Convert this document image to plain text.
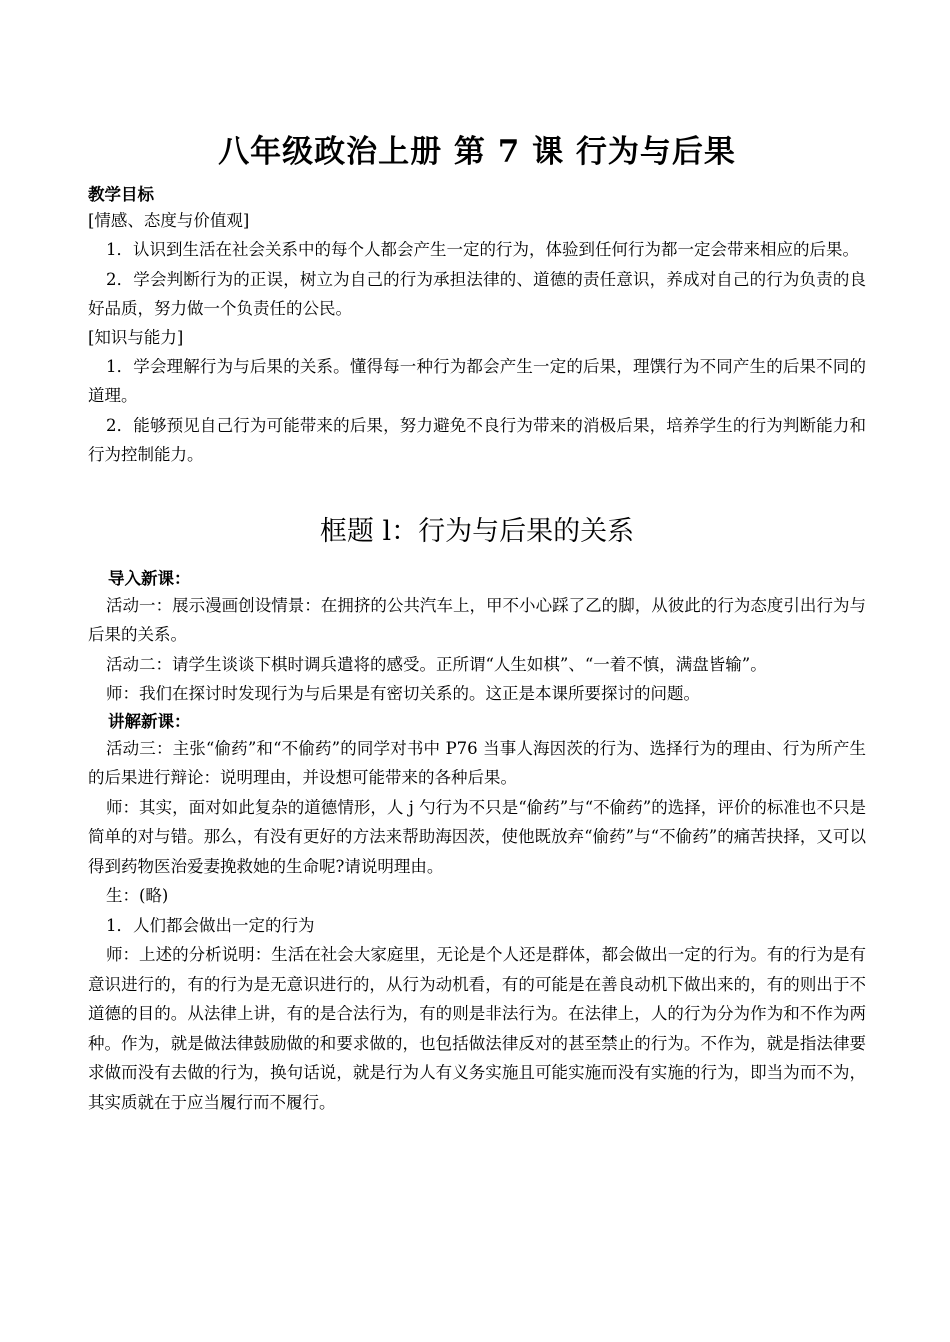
八年级政治上册 第 7 课 行为与后果
教学目标
[情感、态度与价值观]

1．认识到生活在社会关系中的每个人都会产生一定的行为，体验到任何行为都一定会带来相应的后果。

2．学会判断行为的正误，树立为自己的行为承担法律的、道德的责任意识，养成对自己的行为负责的良好品质，努力做一个负责任的公民。

[知识与能力]

1．学会理解行为与后果的关系。懂得每一种行为都会产生一定的后果，理馔行为不同产生的后果不同的道理。

2．能够预见自己行为可能带来的后果，努力避免不良行为带来的消极后果，培养学生的行为判断能力和行为控制能力。

框题 l：行为与后果的关系
导入新课：

活动一：展示漫画创设情景：在拥挤的公共汽车上，甲不小心踩了乙的脚，从彼此的行为态度引出行为与后果的关系。

活动二：请学生谈谈下棋时调兵遣将的感受。正所谓“人生如棋”、“一着不慎，满盘皆输”。

师：我们在探讨时发现行为与后果是有密切关系的。这正是本课所要探讨的问题。

讲解新课：

活动三：主张“偷药”和“不偷药”的同学对书中 P76 当事人海因茨的行为、选择行为的理由、行为所产生的后果进行辩论：说明理由，并设想可能带来的各种后果。

师：其实，面对如此复杂的道德情形，人 j 勺行为不只是“偷药”与“不偷药”的选择，评价的标准也不只是简单的对与错。那么，有没有更好的方法来帮助海因茨，使他既放弃“偷药”与“不偷药”的痛苦抉择，又可以得到药物医治爱妻挽救她的生命呢?请说明理由。

生：(略)

1．人们都会做出一定的行为

师：上述的分析说明：生活在社会大家庭里，无论是个人还是群体，都会做出一定的行为。有的行为是有意识进行的，有的行为是无意识进行的，从行为动机看，有的可能是在善良动机下做出来的，有的则出于不道德的目的。从法律上讲，有的是合法行为，有的则是非法行为。在法律上，人的行为分为作为和不作为两种。作为，就是做法律鼓励做的和要求做的，也包括做法律反对的甚至禁止的行为。不作为，就是指法律要求做而没有去做的行为，换句话说，就是行为人有义务实施且可能实施而没有实施的行为，即当为而不为，其实质就在于应当履行而不履行。
